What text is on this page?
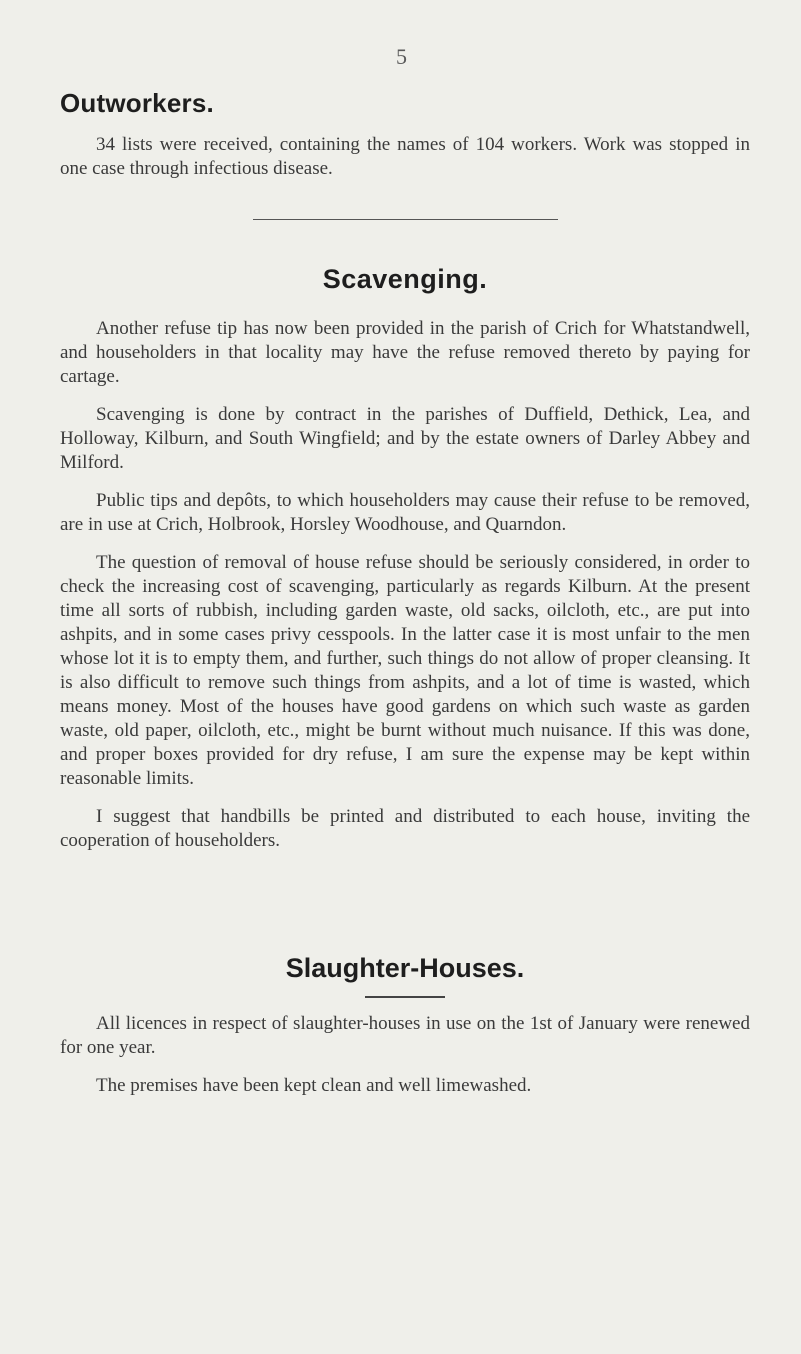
5
Outworkers.

34 lists were received, containing the names of 104 workers. Work was stopped in one case through infectious disease.

Scavenging.

Another refuse tip has now been provided in the parish of Crich for Whatstandwell, and householders in that locality may have the refuse removed thereto by paying for cartage.

Scavenging is done by contract in the parishes of Duffield, Dethick, Lea, and Holloway, Kilburn, and South Wingfield; and by the estate owners of Darley Abbey and Milford.

Public tips and depôts, to which householders may cause their refuse to be removed, are in use at Crich, Holbrook, Horsley Woodhouse, and Quarndon.

The question of removal of house refuse should be seriously considered, in order to check the increasing cost of scavenging, particularly as regards Kilburn. At the present time all sorts of rubbish, including garden waste, old sacks, oilcloth, etc., are put into ashpits, and in some cases privy cesspools. In the latter case it is most unfair to the men whose lot it is to empty them, and further, such things do not allow of proper cleansing. It is also difficult to remove such things from ashpits, and a lot of time is wasted, which means money. Most of the houses have good gardens on which such waste as garden waste, old paper, oilcloth, etc., might be burnt without much nuisance. If this was done, and proper boxes provided for dry refuse, I am sure the expense may be kept within reasonable limits.

I suggest that handbills be printed and distributed to each house, inviting the cooperation of householders.

Slaughter-Houses.

All licences in respect of slaughter-houses in use on the 1st of January were renewed for one year.

The premises have been kept clean and well limewashed.
